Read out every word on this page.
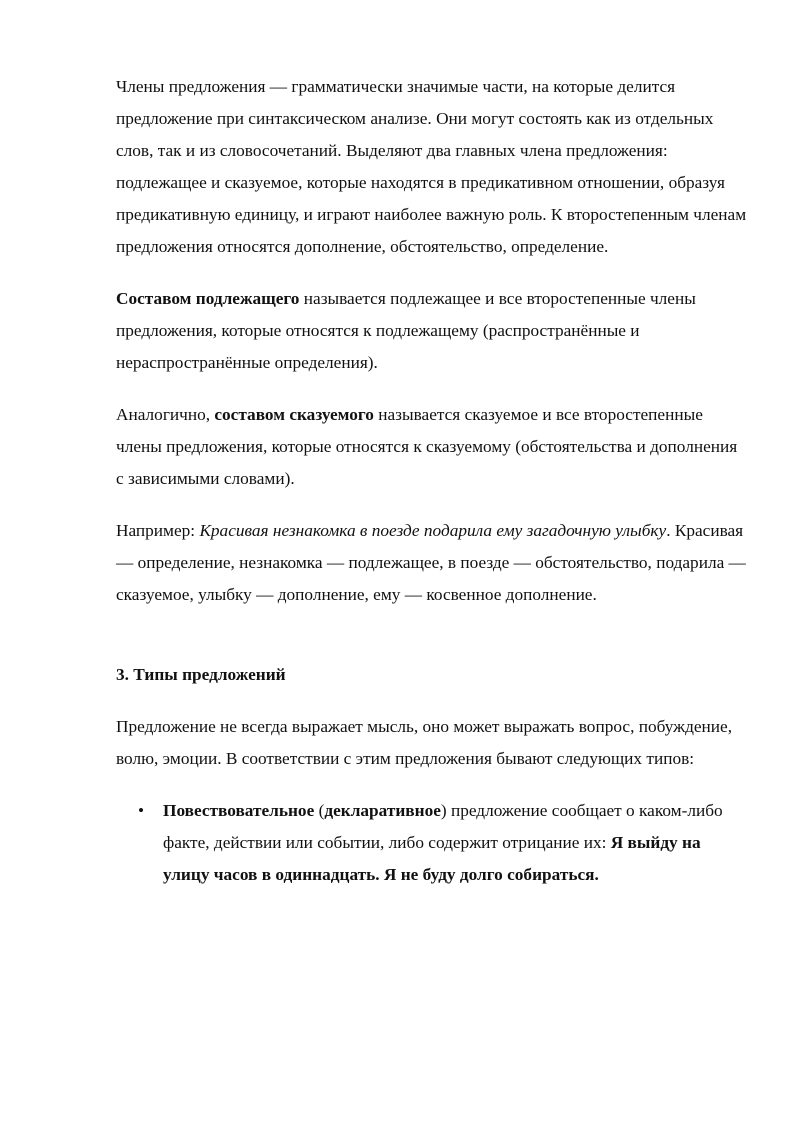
Члены предложения — грамматически значимые части, на которые делится предложение при синтаксическом анализе. Они могут состоять как из отдельных слов, так и из словосочетаний. Выделяют два главных члена предложения: подлежащее и сказуемое, которые находятся в предикативном отношении, образуя предикативную единицу, и играют наиболее важную роль. К второстепенным членам предложения относятся дополнение, обстоятельство, определение.

Составом подлежащего называется подлежащее и все второстепенные члены предложения, которые относятся к подлежащему (распространённые и нераспространённые определения).

Аналогично, составом сказуемого называется сказуемое и все второстепенные члены предложения, которые относятся к сказуемому (обстоятельства и дополнения с зависимыми словами).

Например: Красивая незнакомка в поезде подарила ему загадочную улыбку. Красивая — определение, незнакомка — подлежащее, в поезде — обстоятельство, подарила — сказуемое, улыбку — дополнение, ему — косвенное дополнение.

3. Типы предложений

Предложение не всегда выражает мысль, оно может выражать вопрос, побуждение, волю, эмоции. В соответствии с этим предложения бывают следующих типов:

• Повествовательное (декларативное) предложение сообщает о каком-либо факте, действии или событии, либо содержит отрицание их: Я выйду на улицу часов в одиннадцать. Я не буду долго собираться.
